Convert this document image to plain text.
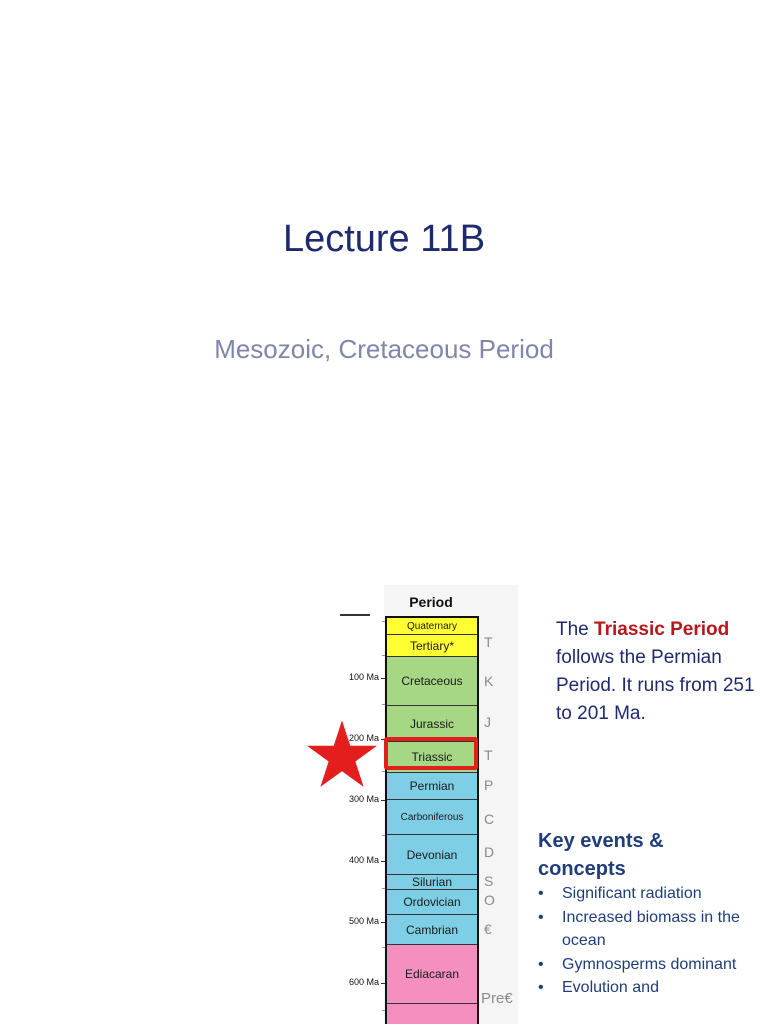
Lecture 11B
Mesozoic, Cretaceous Period
Period
Quaternary
Tertiary*
Cretaceous
Jurassic
Triassic
Permian
Carboniferous
Devonian
Silurian
Ordovician
Cambrian
Ediacaran
T
K
J
T
P
C
D
S
O
€
Pre€
100 Ma
200 Ma
300 Ma
400 Ma
500 Ma
600 Ma
The Triassic Period follows the Permian Period. It runs from 251 to 201 Ma.
Key events & concepts
• Significant radiation
• Increased biomass in the ocean
• Gymnosperms dominant
• Evolution and
